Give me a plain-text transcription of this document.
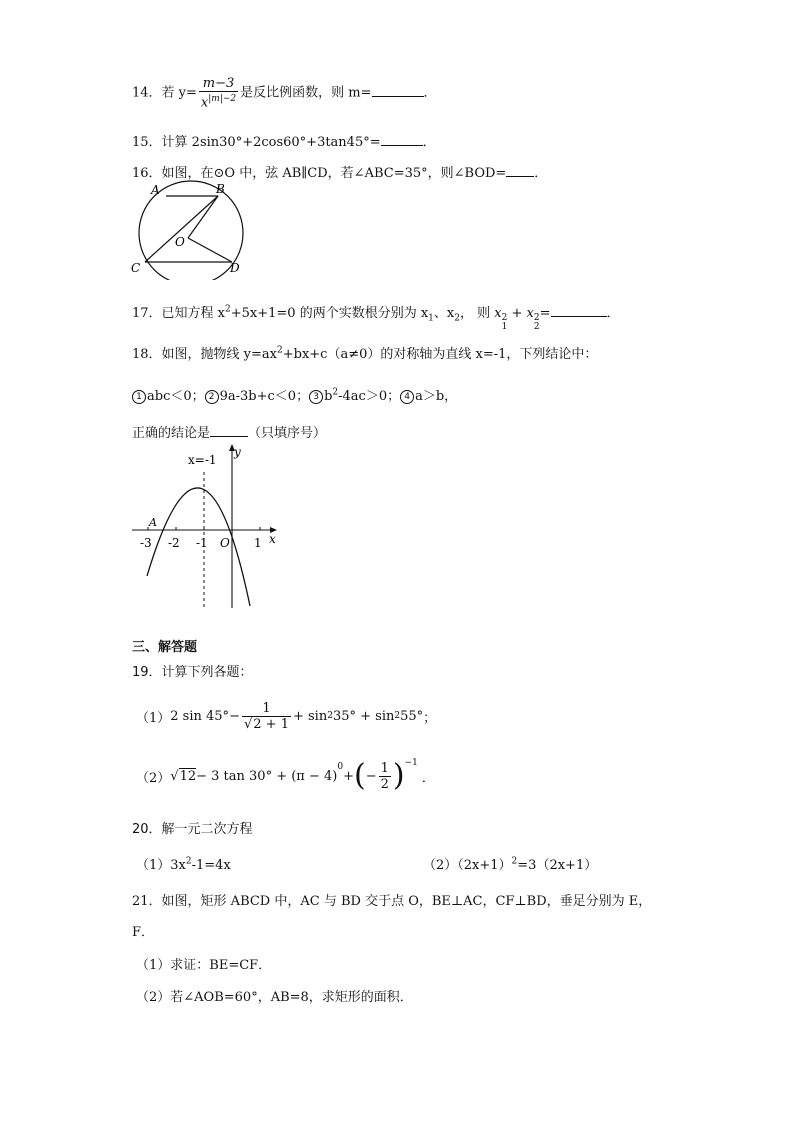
14．若 $y= \frac{m-3}{x^{|m|-2}}$ 是反比例函数，则 m=	．
15．计算 2sin30°+2cos60°+3tan45°=	．
16．如图，在⊙O 中，弦 AB∥CD，若∠ABC=35°，则∠BOD= ．
A	B
O
C	D
17．已知方程 $x^2+5x+1=0$ 的两个实数根分别为 $x_1$、$x_2$， 则 x 2
1
+ x 2
2
=	．
18．如图，抛物线 $y=ax^2+bx+c(a\ne 0)$的对称轴为直线 x=-1，下列结论中：
1 abc＜0； 2 9a-3b+c＜0； 3 $b^2-4ac>0$； 4 a＞b，
正确的结论是	（只填序号）
x=-1
y
x
A
-3 -2 -1 O 1
三、解答题
19．计算下列各题：
（1） 2 $\sin 45^\circ - \frac{1}{√2 + 1} + \sin 2$ 35° + sin 2 55° ；
（2） √ 12 − 3 tan 30° + (π − 4)
$^0$
+ ( − $\frac{1}{2} )^{-1}$
．
20．解一元二次方程
$(1)3x^2-1=4x$	$(2)(2x+1)^2=3(2x+1)$
21．如图，矩形 ABCD 中，AC 与 BD 交于点 O，BE⊥AC，CF⊥BD，垂足分别为 E，
F．
（1）求证：BE=CF．
（2）若∠AOB=60°，AB=8，求矩形的面积．
